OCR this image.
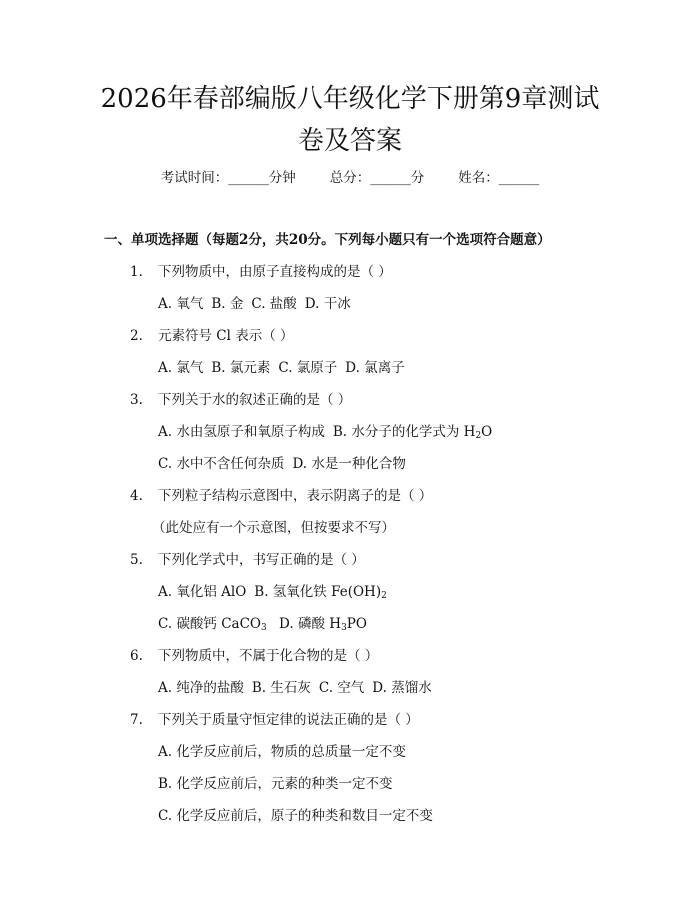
2026年春部编版八年级化学下册第9章测试
卷及答案
考试时间：______分钟	总分：______分	姓名：______
一、单项选择题（每题2分，共20分。下列每小题只有一个选项符合题意）
1. 下列物质中，由原子直接构成的是（ ）
A. 氧气 B. 金 C. 盐酸 D. 干冰
2. 元素符号 Cl 表示（ ）
A. 氯气 B. 氯元素 C. 氯原子 D. 氯离子
3. 下列关于水的叙述正确的是（ ）
A. 水由氢原子和氧原子构成 B. 水分子的化学式为 $H_2O$
C. 水中不含任何杂质 D. 水是一种化合物
4. 下列粒子结构示意图中，表示阴离子的是（ ）
（此处应有一个示意图，但按要求不写）
5. 下列化学式中，书写正确的是（ ）
A. 氧化铝 AlO B. 氢氧化铁 $Fe(OH)_2$
C. 碳酸钙 CaCO$_3$ D. 磷酸 $H_3PO$
6. 下列物质中，不属于化合物的是（ ）
A. 纯净的盐酸 B. 生石灰 C. 空气 D. 蒸馏水
7. 下列关于质量守恒定律的说法正确的是（ ）
A. 化学反应前后，物质的总质量一定不变
B. 化学反应前后，元素的种类一定不变
C. 化学反应前后，原子的种类和数目一定不变
